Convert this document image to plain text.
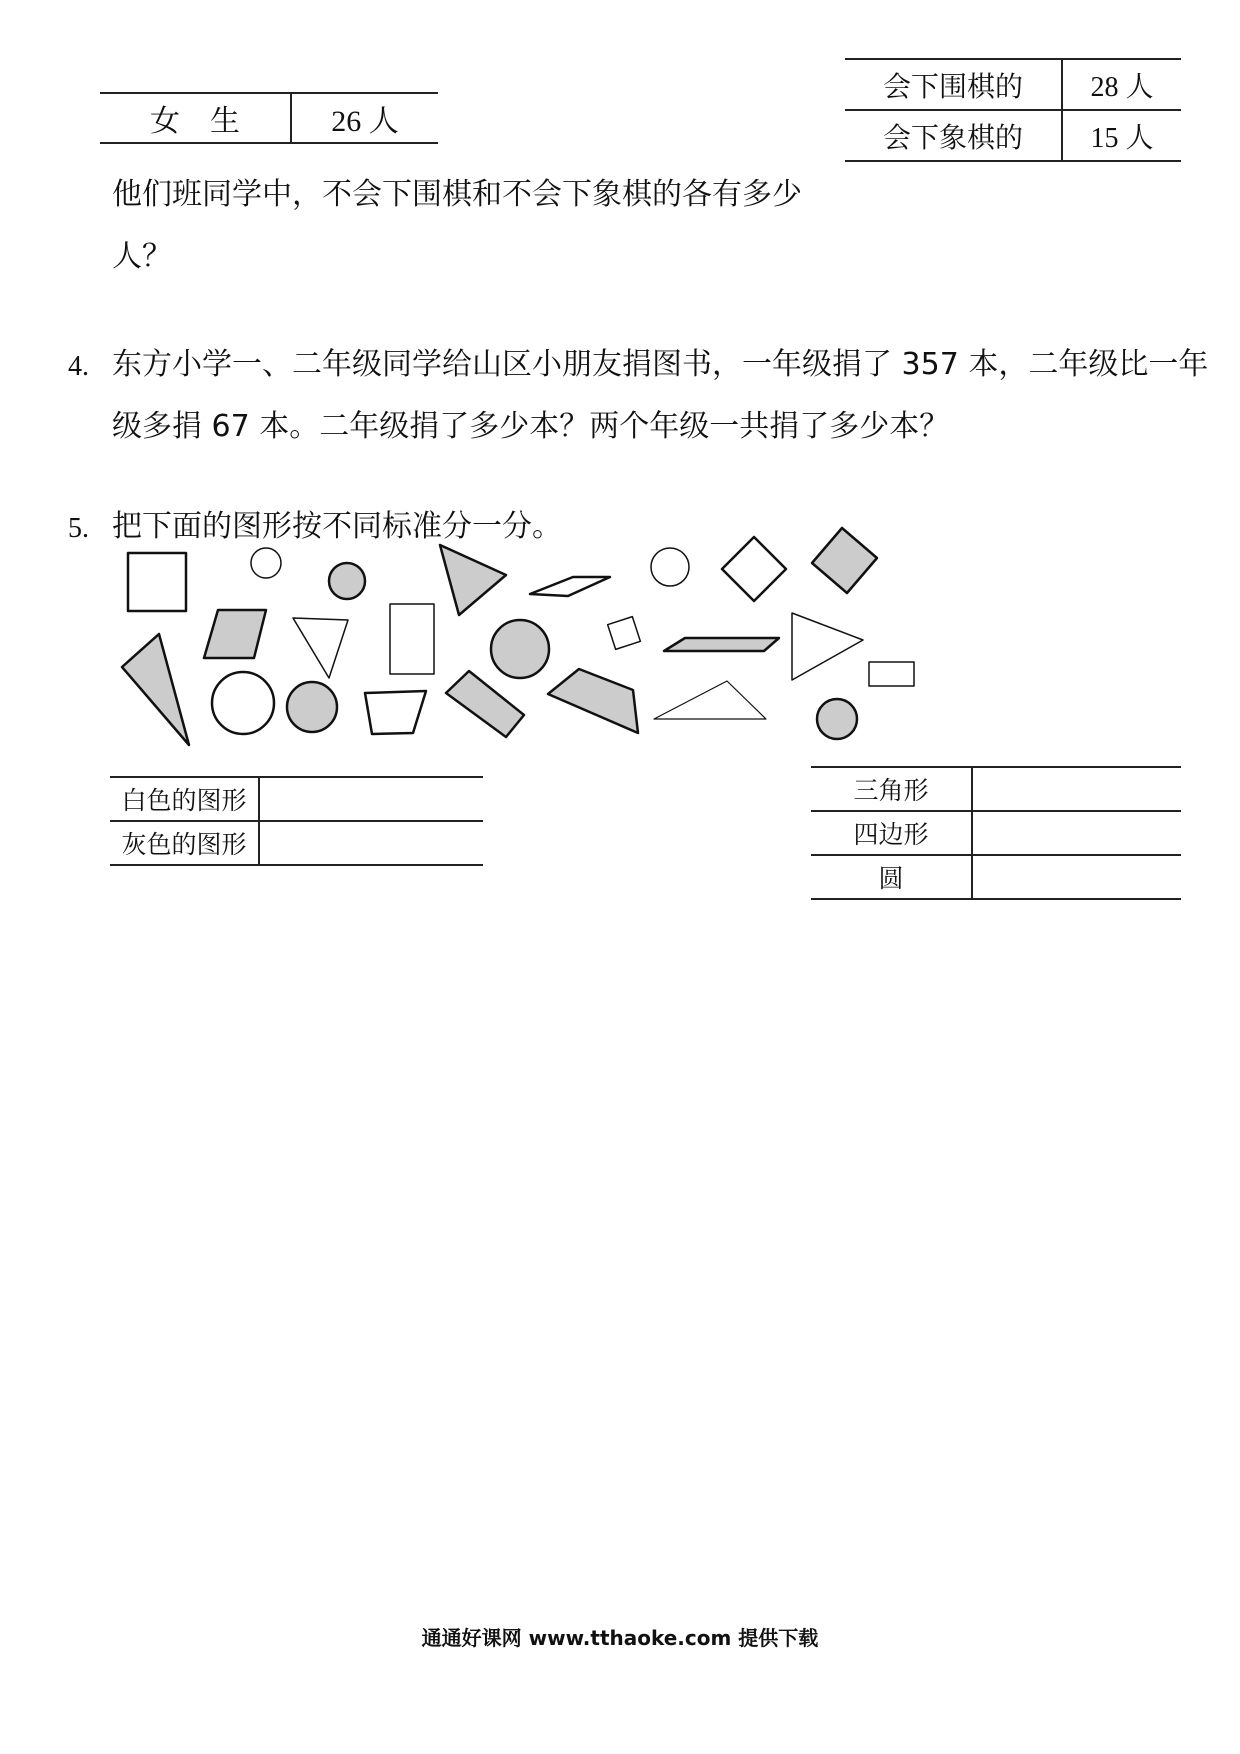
女　生	26 人
会下围棋的	28 人
会下象棋的	15 人
他们班同学中，不会下围棋和不会下象棋的各有多少
人？
4. 东方小学一、二年级同学给山区小朋友捐图书，一年级捐了 357 本，二年级比一年
级多捐 67 本。二年级捐了多少本？两个年级一共捐了多少本？
5. 把下面的图形按不同标准分一分。
白色的图形	
灰色的图形	
三角形	
四边形	
圆	
通通好课网 www.tthaoke.com 提供下载
